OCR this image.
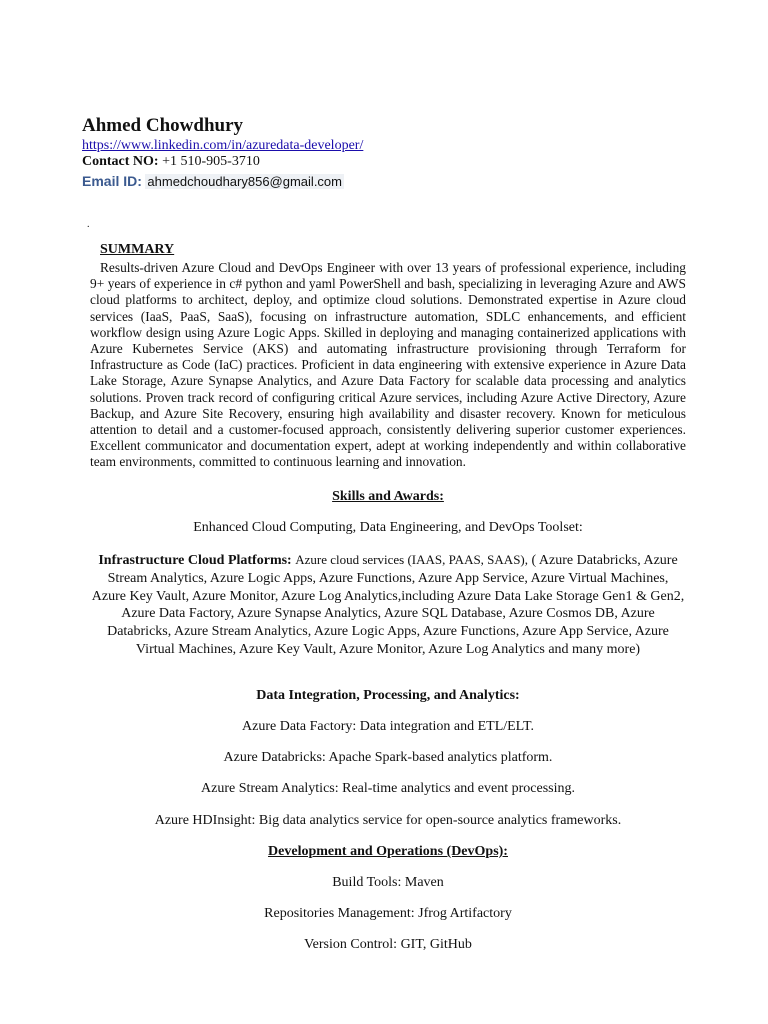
Ahmed Chowdhury
https://www.linkedin.com/in/azuredata-developer/
Contact NO: +1 510-905-3710
Email ID: ahmedchoudhary856@gmail.com
.
SUMMARY
Results-driven Azure Cloud and DevOps Engineer with over 13 years of professional experience, including 9+ years of experience in c# python and yaml PowerShell and bash, specializing in leveraging Azure and AWS cloud platforms to architect, deploy, and optimize cloud solutions. Demonstrated expertise in Azure cloud services (IaaS, PaaS, SaaS), focusing on infrastructure automation, SDLC enhancements, and efficient workflow design using Azure Logic Apps. Skilled in deploying and managing containerized applications with Azure Kubernetes Service (AKS) and automating infrastructure provisioning through Terraform for Infrastructure as Code (IaC) practices. Proficient in data engineering with extensive experience in Azure Data Lake Storage, Azure Synapse Analytics, and Azure Data Factory for scalable data processing and analytics solutions. Proven track record of configuring critical Azure services, including Azure Active Directory, Azure Backup, and Azure Site Recovery, ensuring high availability and disaster recovery. Known for meticulous attention to detail and a customer-focused approach, consistently delivering superior customer experiences. Excellent communicator and documentation expert, adept at working independently and within collaborative team environments, committed to continuous learning and innovation.
Skills and Awards:
Enhanced Cloud Computing, Data Engineering, and DevOps Toolset:
Infrastructure Cloud Platforms: Azure cloud services (IAAS, PAAS, SAAS), ( Azure Databricks, Azure Stream Analytics, Azure Logic Apps, Azure Functions, Azure App Service, Azure Virtual Machines, Azure Key Vault, Azure Monitor, Azure Log Analytics,including Azure Data Lake Storage Gen1 & Gen2, Azure Data Factory, Azure Synapse Analytics, Azure SQL Database, Azure Cosmos DB, Azure Databricks, Azure Stream Analytics, Azure Logic Apps, Azure Functions, Azure App Service, Azure Virtual Machines, Azure Key Vault, Azure Monitor, Azure Log Analytics and many more)
Data Integration, Processing, and Analytics:
Azure Data Factory: Data integration and ETL/ELT.
Azure Databricks: Apache Spark-based analytics platform.
Azure Stream Analytics: Real-time analytics and event processing.
Azure HDInsight: Big data analytics service for open-source analytics frameworks.
Development and Operations (DevOps):
Build Tools: Maven
Repositories Management: Jfrog Artifactory
Version Control: GIT, GitHub
